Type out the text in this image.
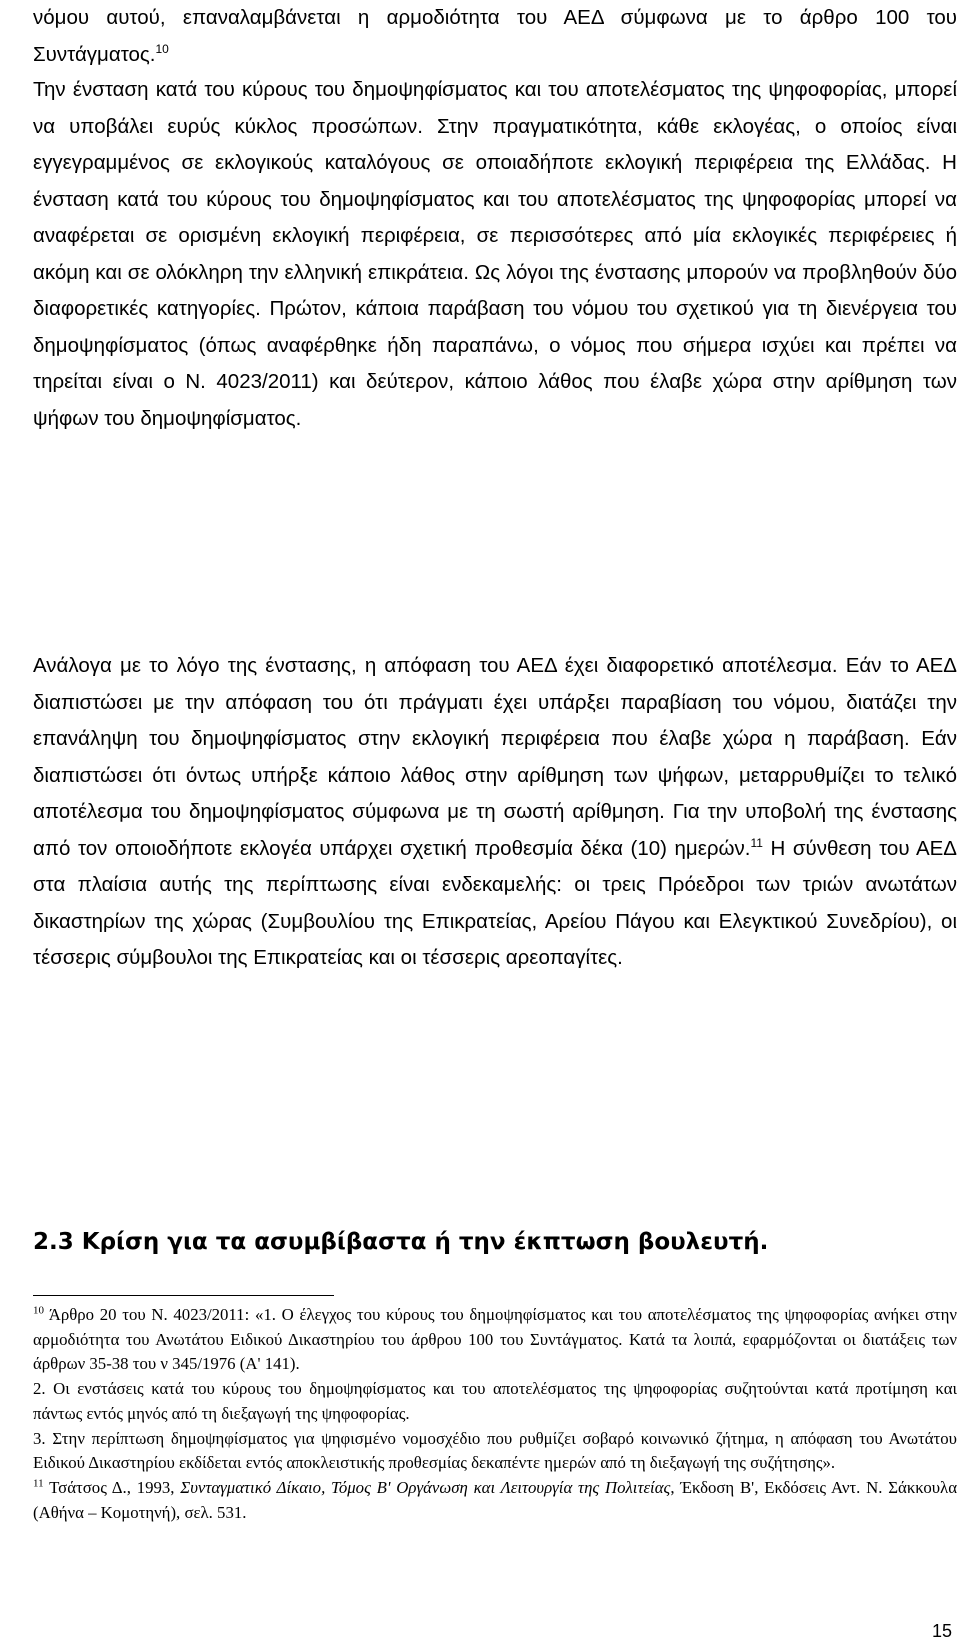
νόμου αυτού, επαναλαμβάνεται η αρμοδιότητα του ΑΕΔ σύμφωνα με το άρθρο 100 του Συντάγματος.$^{10}$

Την ένσταση κατά του κύρους του δημοψηφίσματος και του αποτελέσματος της ψηφοφορίας, μπορεί να υποβάλει ευρύς κύκλος προσώπων. Στην πραγματικότητα, κάθε εκλογέας, ο οποίος είναι εγγεγραμμένος σε εκλογικούς καταλόγους σε οποιαδήποτε εκλογική περιφέρεια της Ελλάδας. Η ένσταση κατά του κύρους του δημοψηφίσματος και του αποτελέσματος της ψηφοφορίας μπορεί να αναφέρεται σε ορισμένη εκλογική περιφέρεια, σε περισσότερες από μία εκλογικές περιφέρειες ή ακόμη και σε ολόκληρη την ελληνική επικράτεια. Ως λόγοι της ένστασης μπορούν να προβληθούν δύο διαφορετικές κατηγορίες. Πρώτον, κάποια παράβαση του νόμου του σχετικού για τη διενέργεια του δημοψηφίσματος (όπως αναφέρθηκε ήδη παραπάνω, ο νόμος που σήμερα ισχύει και πρέπει να τηρείται είναι ο Ν. 4023/2011) και δεύτερον, κάποιο λάθος που έλαβε χώρα στην αρίθμηση των ψήφων του δημοψηφίσματος.

Ανάλογα με το λόγο της ένστασης, η απόφαση του ΑΕΔ έχει διαφορετικό αποτέλεσμα. Εάν το ΑΕΔ διαπιστώσει με την απόφαση του ότι πράγματι έχει υπάρξει παραβίαση του νόμου, διατάζει την επανάληψη του δημοψηφίσματος στην εκλογική περιφέρεια που έλαβε χώρα η παράβαση. Εάν διαπιστώσει ότι όντως υπήρξε κάποιο λάθος στην αρίθμηση των ψήφων, μεταρρυθμίζει το τελικό αποτέλεσμα του δημοψηφίσματος σύμφωνα με τη σωστή αρίθμηση. Για την υποβολή της ένστασης από τον οποιοδήποτε εκλογέα υπάρχει σχετική προθεσμία δέκα (10) ημερών.$^{11}$ Η σύνθεση του ΑΕΔ στα πλαίσια αυτής της περίπτωσης είναι ενδεκαμελής: οι τρεις Πρόεδροι των τριών ανωτάτων δικαστηρίων της χώρας (Συμβουλίου της Επικρατείας, Αρείου Πάγου και Ελεγκτικού Συνεδρίου), οι τέσσερις σύμβουλοι της Επικρατείας και οι τέσσερις αρεοπαγίτες.

2.3 Κρίση για τα ασυμβίβαστα ή την έκπτωση βουλευτή.

$^{10}$ Άρθρο 20 του Ν. 4023/2011: «1. Ο έλεγχος του κύρους του δημοψηφίσματος και του αποτελέσματος της ψηφοφορίας ανήκει στην αρμοδιότητα του Ανωτάτου Ειδικού Δικαστηρίου του άρθρου 100 του Συντάγματος. Κατά τα λοιπά, εφαρμόζονται οι διατάξεις των άρθρων 35-38 του ν 345/1976 (Α' 141).

2. Οι ενστάσεις κατά του κύρους του δημοψηφίσματος και του αποτελέσματος της ψηφοφορίας συζητούνται κατά προτίμηση και πάντως εντός μηνός από τη διεξαγωγή της ψηφοφορίας.

3. Στην περίπτωση δημοψηφίσματος για ψηφισμένο νομοσχέδιο που ρυθμίζει σοβαρό κοινωνικό ζήτημα, η απόφαση του Ανωτάτου Ειδικού Δικαστηρίου εκδίδεται εντός αποκλειστικής προθεσμίας δεκαπέντε ημερών από τη διεξαγωγή της συζήτησης».

$^{11}$ Τσάτσος Δ., 1993, Συνταγματικό Δίκαιο, Τόμος Β' Οργάνωση και Λειτουργία της Πολιτείας, Έκδοση Β', Εκδόσεις Αντ. Ν. Σάκκουλα (Αθήνα – Κομοτηνή), σελ. 531.

15
